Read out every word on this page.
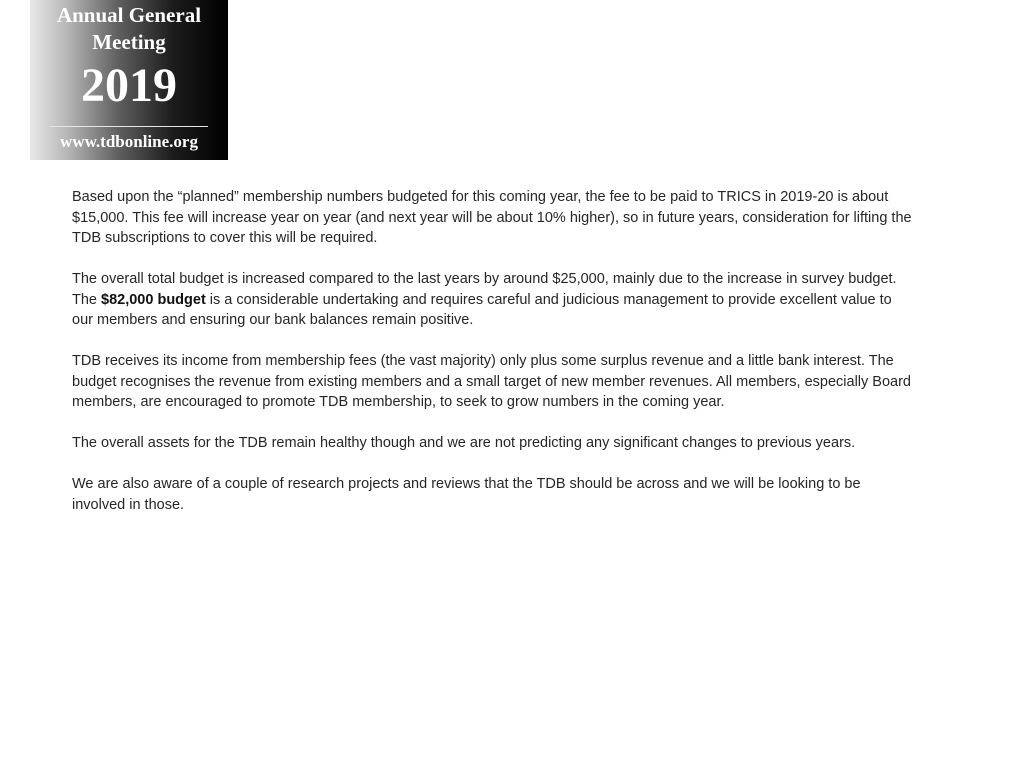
Annual General
Meeting
2019
www.tdbonline.org

Based upon the “planned” membership numbers budgeted for this coming year, the fee to be paid to TRICS in 2019-20 is about $15,000. This fee will increase year on year (and next year will be about 10% higher), so in future years, consideration for lifting the TDB subscriptions to cover this will be required.

The overall total budget is increased compared to the last years by around $25,000, mainly due to the increase in survey budget. The $82,000 budget is a considerable undertaking and requires careful and judicious management to provide excellent value to our members and ensuring our bank balances remain positive.

TDB receives its income from membership fees (the vast majority) only plus some surplus revenue and a little bank interest. The budget recognises the revenue from existing members and a small target of new member revenues. All members, especially Board members, are encouraged to promote TDB membership, to seek to grow numbers in the coming year.

The overall assets for the TDB remain healthy though and we are not predicting any significant changes to previous years.

We are also aware of a couple of research projects and reviews that the TDB should be across and we will be looking to be involved in those.
